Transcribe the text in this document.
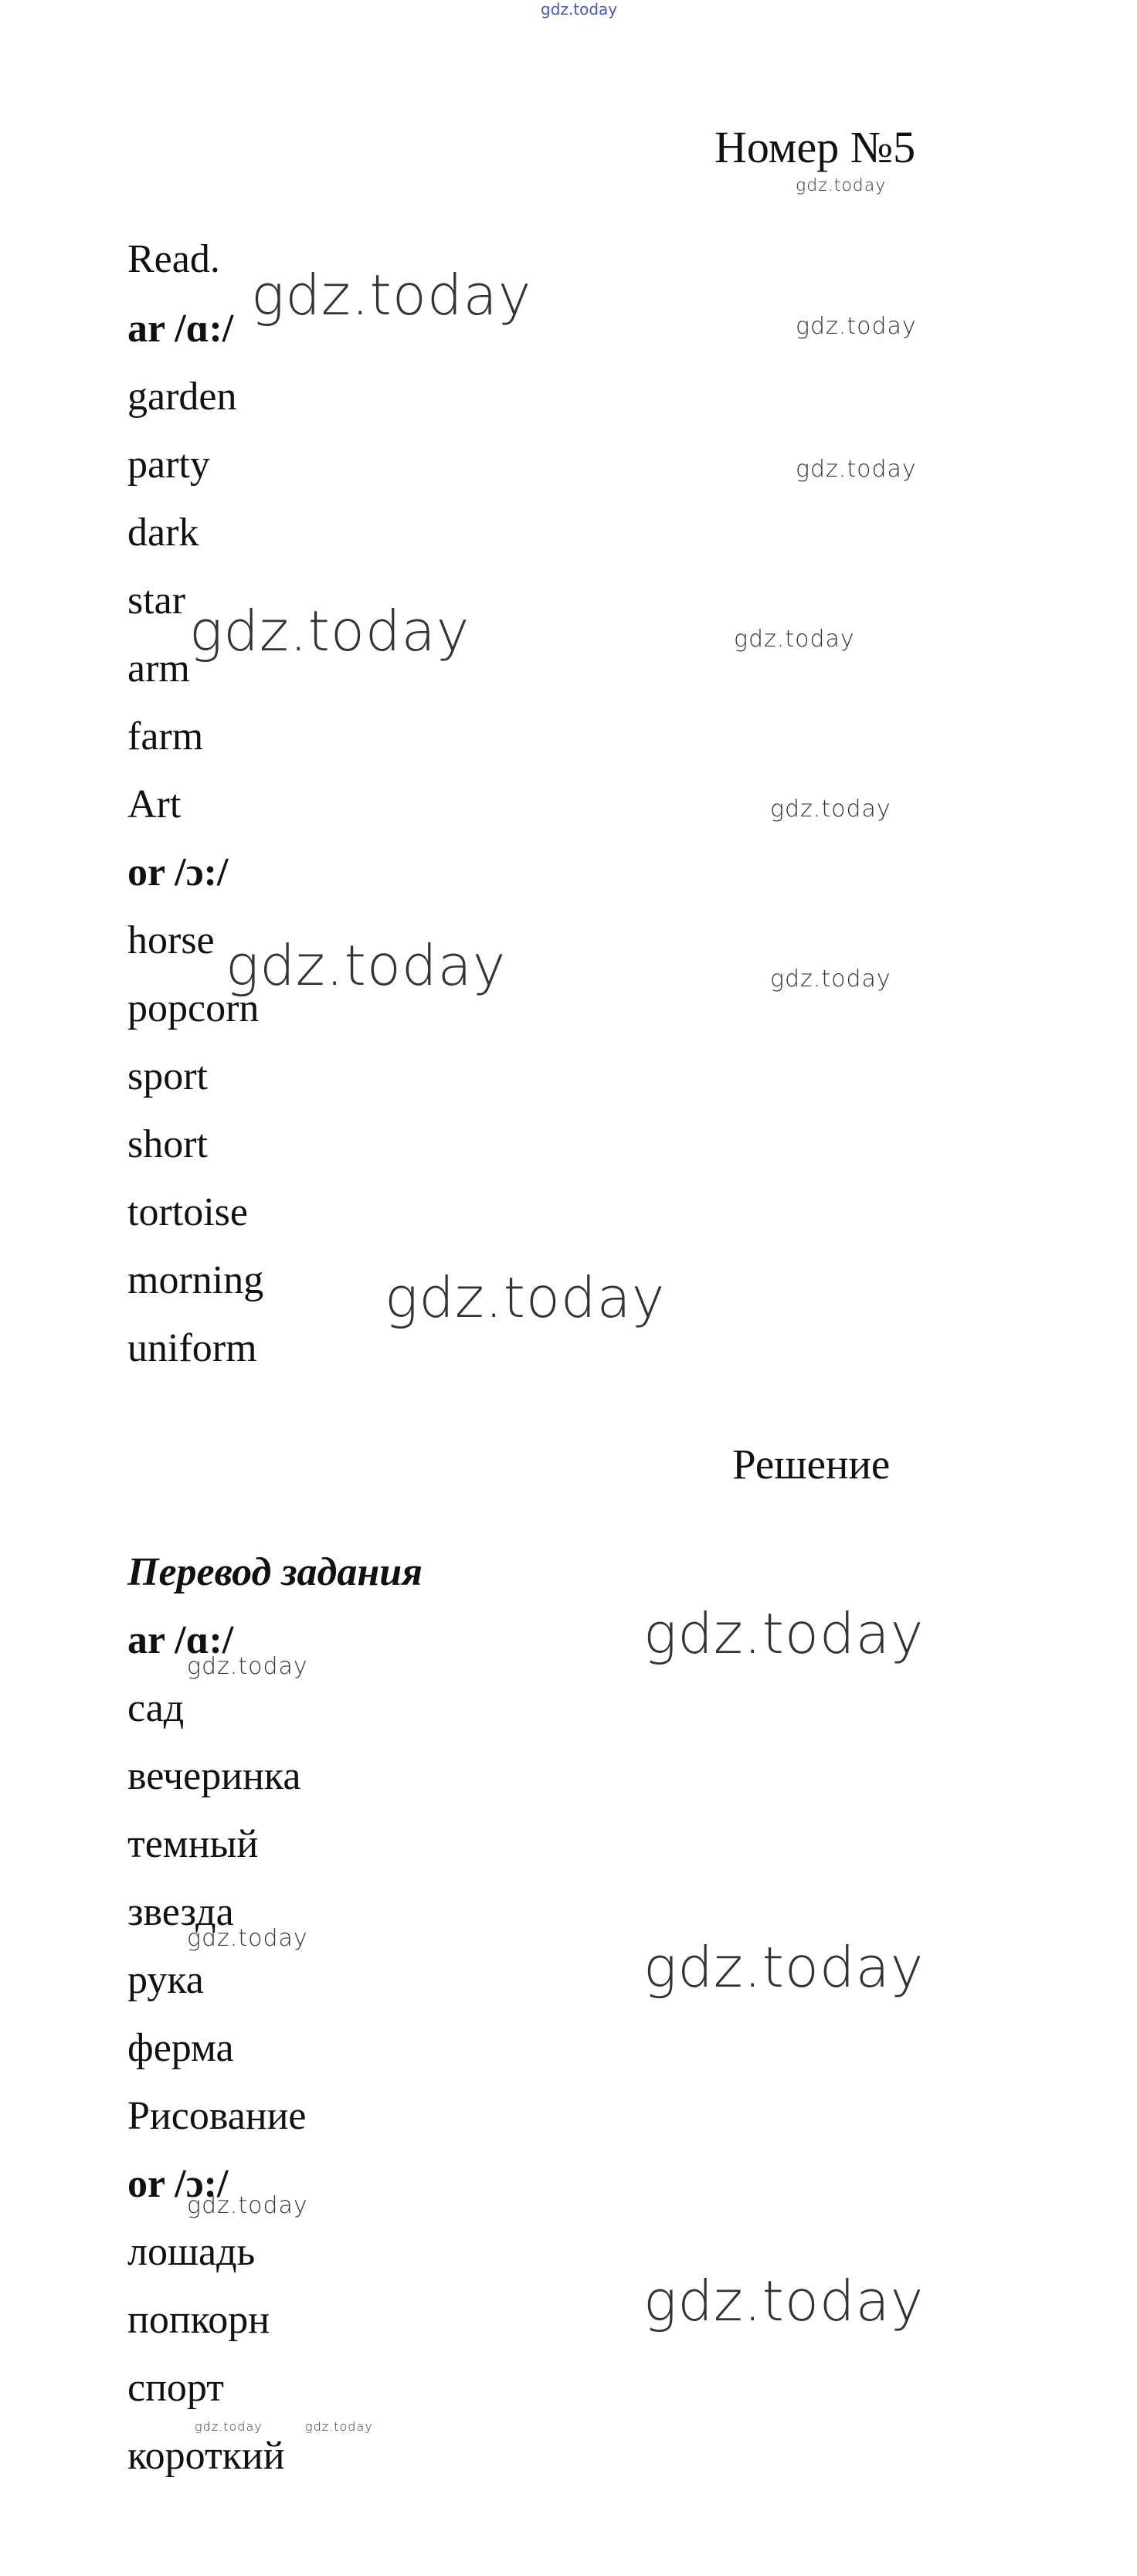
gdz.today
Номер №5
Read.
ar /ɑ:/
garden
party
dark
star
arm
farm
Art
or /ɔ:/
horse
popcorn
sport
short
tortoise
morning
uniform
Решение
Перевод задания
ar /ɑ:/
сад
вечеринка
темный
звезда
рука
ферма
Рисование
or /ɔ:/
лошадь
попкорн
спорт
короткий
gdz.today
gdz.today	gdz.today
gdz.today
gdz.today	gdz.today
gdz.today
gdz.today	gdz.today
gdz.today
gdz.today
gdz.today
gdz.today	gdz.today
gdz.today
gdz.today
gdz.today	gdz.today
